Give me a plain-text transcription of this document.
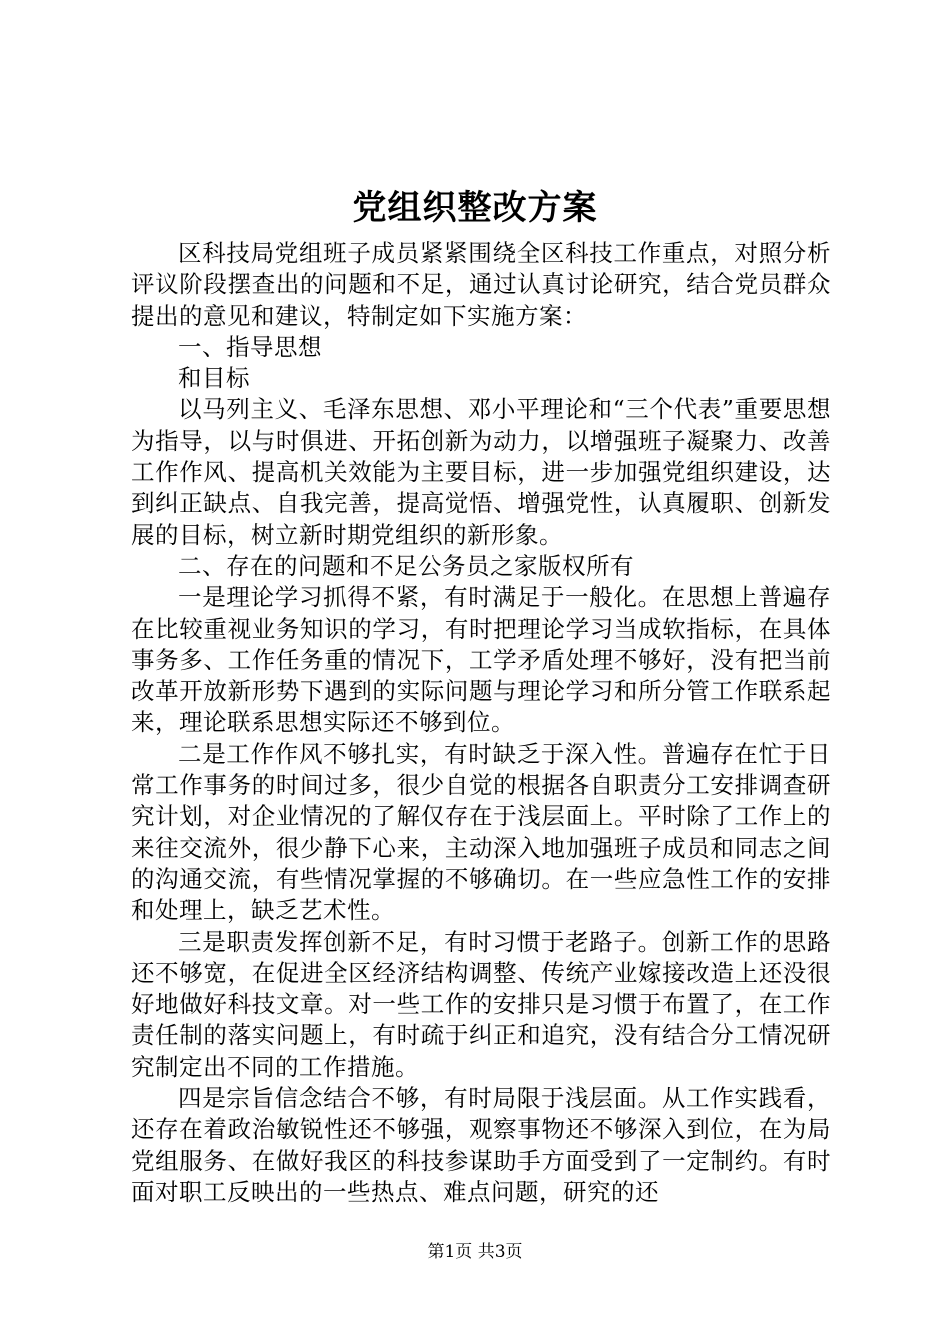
党组织整改方案

区科技局党组班子成员紧紧围绕全区科技工作重点，对照分析评议阶段摆查出的问题和不足，通过认真讨论研究，结合党员群众提出的意见和建议，特制定如下实施方案：

一、指导思想

和目标

以马列主义、毛泽东思想、邓小平理论和“三个代表”重要思想为指导，以与时俱进、开拓创新为动力，以增强班子凝聚力、改善工作作风、提高机关效能为主要目标，进一步加强党组织建设，达到纠正缺点、自我完善，提高觉悟、增强党性，认真履职、创新发展的目标，树立新时期党组织的新形象。

二、存在的问题和不足公务员之家版权所有

一是理论学习抓得不紧，有时满足于一般化。在思想上普遍存在比较重视业务知识的学习，有时把理论学习当成软指标，在具体事务多、工作任务重的情况下，工学矛盾处理不够好，没有把当前改革开放新形势下遇到的实际问题与理论学习和所分管工作联系起来，理论联系思想实际还不够到位。

二是工作作风不够扎实，有时缺乏于深入性。普遍存在忙于日常工作事务的时间过多，很少自觉的根据各自职责分工安排调查研究计划，对企业情况的了解仅存在于浅层面上。平时除了工作上的来往交流外，很少静下心来，主动深入地加强班子成员和同志之间的沟通交流，有些情况掌握的不够确切。在一些应急性工作的安排和处理上，缺乏艺术性。

三是职责发挥创新不足，有时习惯于老路子。创新工作的思路还不够宽，在促进全区经济结构调整、传统产业嫁接改造上还没很好地做好科技文章。对一些工作的安排只是习惯于布置了，在工作责任制的落实问题上，有时疏于纠正和追究，没有结合分工情况研究制定出不同的工作措施。

四是宗旨信念结合不够，有时局限于浅层面。从工作实践看，还存在着政治敏锐性还不够强，观察事物还不够深入到位，在为局党组服务、在做好我区的科技参谋助手方面受到了一定制约。有时面对职工反映出的一些热点、难点问题，研究的还

第1页 共3页
